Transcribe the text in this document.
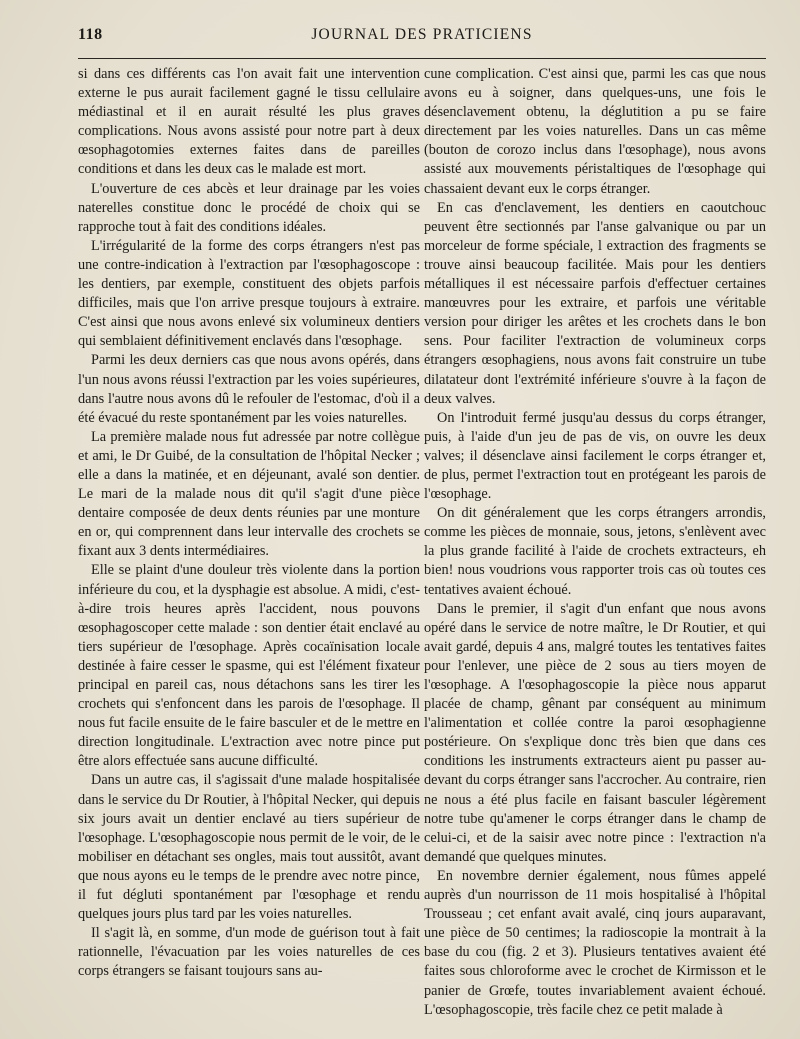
118	JOURNAL DES PRATICIENS

si dans ces différents cas l'on avait fait une intervention externe le pus aurait facilement gagné le tissu cellulaire médiastinal et il en aurait résulté les plus graves complications. Nous avons assisté pour notre part à deux œsophagotomies externes faites dans de pareilles conditions et dans les deux cas le malade est mort.

L'ouverture de ces abcès et leur drainage par les voies naterelles constitue donc le procédé de choix qui se rapproche tout à fait des conditions idéales.

L'irrégularité de la forme des corps étrangers n'est pas une contre-indication à l'extraction par l'œsophagoscope : les dentiers, par exemple, constituent des objets parfois difficiles, mais que l'on arrive presque toujours à extraire. C'est ainsi que nous avons enlevé six volumineux dentiers qui semblaient définitivement enclavés dans l'œsophage.

Parmi les deux derniers cas que nous avons opérés, dans l'un nous avons réussi l'extraction par les voies supérieures, dans l'autre nous avons dû le refouler de l'estomac, d'où il a été évacué du reste spontanément par les voies naturelles.

La première malade nous fut adressée par notre collègue et ami, le Dr Guibé, de la consultation de l'hôpital Necker ; elle a dans la matinée, et en déjeunant, avalé son dentier. Le mari de la malade nous dit qu'il s'agit d'une pièce dentaire composée de deux dents réunies par une monture en or, qui comprennent dans leur intervalle des crochets se fixant aux 3 dents intermédiaires.

Elle se plaint d'une douleur très violente dans la portion inférieure du cou, et la dysphagie est absolue. A midi, c'est-à-dire trois heures après l'accident, nous pouvons œsophagoscoper cette malade : son dentier était enclavé au tiers supérieur de l'œsophage. Après cocaïnisation locale destinée à faire cesser le spasme, qui est l'élément fixateur principal en pareil cas, nous détachons sans les tirer les crochets qui s'enfoncent dans les parois de l'œsophage. Il nous fut facile ensuite de le faire basculer et de le mettre en direction longitudinale. L'extraction avec notre pince put être alors effectuée sans aucune difficulté.

Dans un autre cas, il s'agissait d'une malade hospitalisée dans le service du Dr Routier, à l'hôpital Necker, qui depuis six jours avait un dentier enclavé au tiers supérieur de l'œsophage. L'œsophagoscopie nous permit de le voir, de le mobiliser en détachant ses ongles, mais tout aussitôt, avant que nous ayons eu le temps de le prendre avec notre pince, il fut dégluti spontanément par l'œsophage et rendu quelques jours plus tard par les voies naturelles.

Il s'agit là, en somme, d'un mode de guérison tout à fait rationnelle, l'évacuation par les voies naturelles de ces corps étrangers se faisant toujours sans au-

cune complication. C'est ainsi que, parmi les cas que nous avons eu à soigner, dans quelques-uns, une fois le désenclavement obtenu, la déglutition a pu se faire directement par les voies naturelles. Dans un cas même (bouton de corozo inclus dans l'œsophage), nous avons assisté aux mouvements péristaltiques de l'œsophage qui chassaient devant eux le corps étranger.

En cas d'enclavement, les dentiers en caoutchouc peuvent être sectionnés par l'anse galvanique ou par un morceleur de forme spéciale, l extraction des fragments se trouve ainsi beaucoup facilitée. Mais pour les dentiers métalliques il est nécessaire parfois d'effectuer certaines manœuvres pour les extraire, et parfois une véritable version pour diriger les arêtes et les crochets dans le bon sens. Pour faciliter l'extraction de volumineux corps étrangers œsophagiens, nous avons fait construire un tube dilatateur dont l'extrémité inférieure s'ouvre à la façon de deux valves.

On l'introduit fermé jusqu'au dessus du corps étranger, puis, à l'aide d'un jeu de pas de vis, on ouvre les deux valves; il désenclave ainsi facilement le corps étranger et, de plus, permet l'extraction tout en protégeant les parois de l'œsophage.

On dit généralement que les corps étrangers arrondis, comme les pièces de monnaie, sous, jetons, s'enlèvent avec la plus grande facilité à l'aide de crochets extracteurs, eh bien! nous voudrions vous rapporter trois cas où toutes ces tentatives avaient échoué.

Dans le premier, il s'agit d'un enfant que nous avons opéré dans le service de notre maître, le Dr Routier, et qui avait gardé, depuis 4 ans, malgré toutes les tentatives faites pour l'enlever, une pièce de 2 sous au tiers moyen de l'œsophage. A l'œsophagoscopie la pièce nous apparut placée de champ, gênant par conséquent au minimum l'alimentation et collée contre la paroi œsophagienne postérieure. On s'explique donc très bien que dans ces conditions les instruments extracteurs aient pu passer au-devant du corps étranger sans l'accrocher. Au contraire, rien ne nous a été plus facile en faisant basculer légèrement notre tube qu'amener le corps étranger dans le champ de celui-ci, et de la saisir avec notre pince : l'extraction n'a demandé que quelques minutes.

En novembre dernier également, nous fûmes appelé auprès d'un nourrisson de 11 mois hospitalisé à l'hôpital Trousseau ; cet enfant avait avalé, cinq jours auparavant, une pièce de 50 centimes; la radioscopie la montrait à la base du cou (fig. 2 et 3). Plusieurs tentatives avaient été faites sous chloroforme avec le crochet de Kirmisson et le panier de Grœfe, toutes invariablement avaient échoué. L'œsophagoscopie, très facile chez ce petit malade à
